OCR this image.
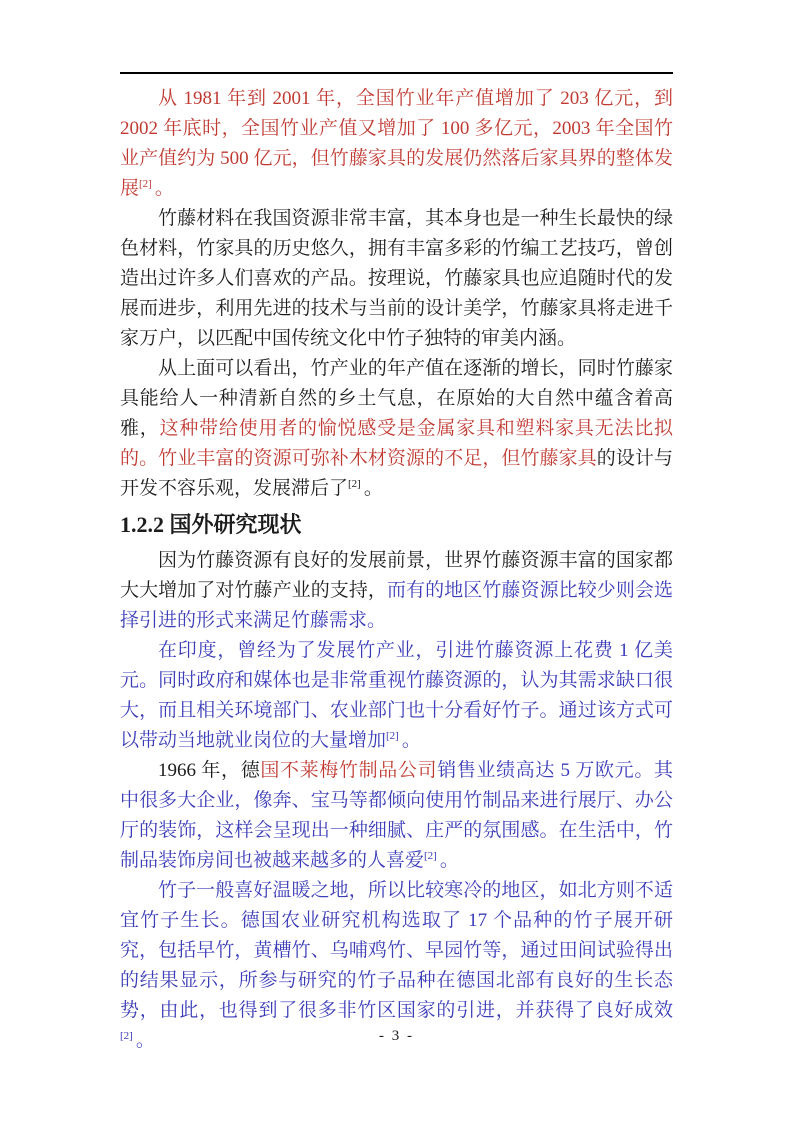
从 1981 年到 2001 年，全国竹业年产值增加了 203 亿元，到 2002 年底时，全国竹业产值又增加了 100 多亿元，2003 年全国竹业产值约为 500 亿元，但竹藤家具的发展仍然落后家具界的整体发展[2] 。

竹藤材料在我国资源非常丰富，其本身也是一种生长最快的绿色材料，竹家具的历史悠久，拥有丰富多彩的竹编工艺技巧，曾创造出过许多人们喜欢的产品。按理说，竹藤家具也应追随时代的发展而进步，利用先进的技术与当前的设计美学，竹藤家具将走进千家万户，以匹配中国传统文化中竹子独特的审美内涵。

从上面可以看出，竹产业的年产值在逐渐的增长，同时竹藤家具能给人一种清新自然的乡土气息，在原始的大自然中蕴含着高雅，这种带给使用者的愉悦感受是金属家具和塑料家具无法比拟的。竹业丰富的资源可弥补木材资源的不足，但竹藤家具的设计与开发不容乐观，发展滞后了[2] 。

1.2.2 国外研究现状

因为竹藤资源有良好的发展前景，世界竹藤资源丰富的国家都大大增加了对竹藤产业的支持，而有的地区竹藤资源比较少则会选择引进的形式来满足竹藤需求。

在印度，曾经为了发展竹产业，引进竹藤资源上花费 1 亿美元。同时政府和媒体也是非常重视竹藤资源的，认为其需求缺口很大，而且相关环境部门、农业部门也十分看好竹子。通过该方式可以带动当地就业岗位的大量增加[2] 。

1966 年，德国不莱梅竹制品公司销售业绩高达 5 万欧元。其中很多大企业，像奔、宝马等都倾向使用竹制品来进行展厅、办公厅的装饰，这样会呈现出一种细腻、庄严的氛围感。在生活中，竹制品装饰房间也被越来越多的人喜爱[2] 。

竹子一般喜好温暖之地，所以比较寒冷的地区，如北方则不适宜竹子生长。德国农业研究机构选取了 17 个品种的竹子展开研究，包括早竹，黄槽竹、乌哺鸡竹、早园竹等，通过田间试验得出的结果显示，所参与研究的竹子品种在德国北部有良好的生长态势，由此，也得到了很多非竹区国家的引进，并获得了良好成效[2] 。	- 3 -
